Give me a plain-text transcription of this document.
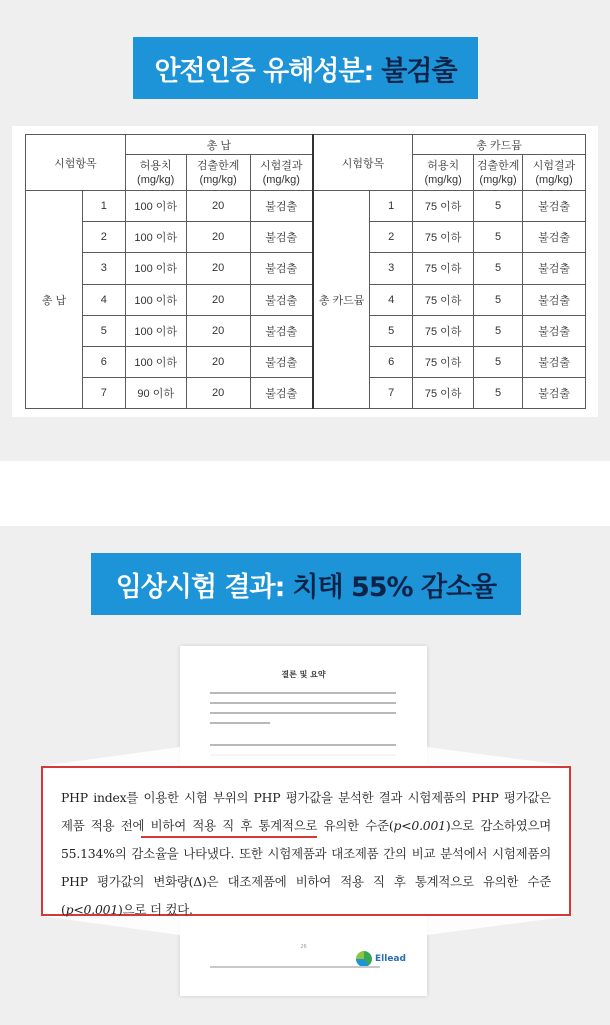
안전인증 유해성분: 불검출
시험항목		총 납			시험항목		총 카드뮴		
		허용치 (mg/kg)	검출한계 (mg/kg)	시험결과 (mg/kg)			허용치 (mg/kg)	검출한계 (mg/kg)	시험결과 (mg/kg)
총 납	1	100 이하	20	불검출	총 카드뮴	1	75 이하	5	불검출
	2	100 이하	20	불검출		2	75 이하	5	불검출
	3	100 이하	20	불검출		3	75 이하	5	불검출
	4	100 이하	20	불검출		4	75 이하	5	불검출
	5	100 이하	20	불검출		5	75 이하	5	불검출
	6	100 이하	20	불검출		6	75 이하	5	불검출
	7	90 이하	20	불검출		7	75 이하	5	불검출
임상시험 결과: 치태 55% 감소율
결론 및 요약
26
Ellead

PHP index를 이용한 시험 부위의 PHP 평가값을 분석한 결과 시험제품의 PHP 평가값은 제품 적용 전에 비하여 적용 직 후 통계적으로 유의한 수준(p<0.001)으로 감소하였으며 55.134%의 감소율을 나타냈다. 또한 시험제품과 대조제품 간의 비교 분석에서 시험제품의 PHP 평가값의 변화량(Δ)은 대조제품에 비하여 적용 직 후 통계적으로 유의한 수준(p<0.001)으로 더 컸다.
